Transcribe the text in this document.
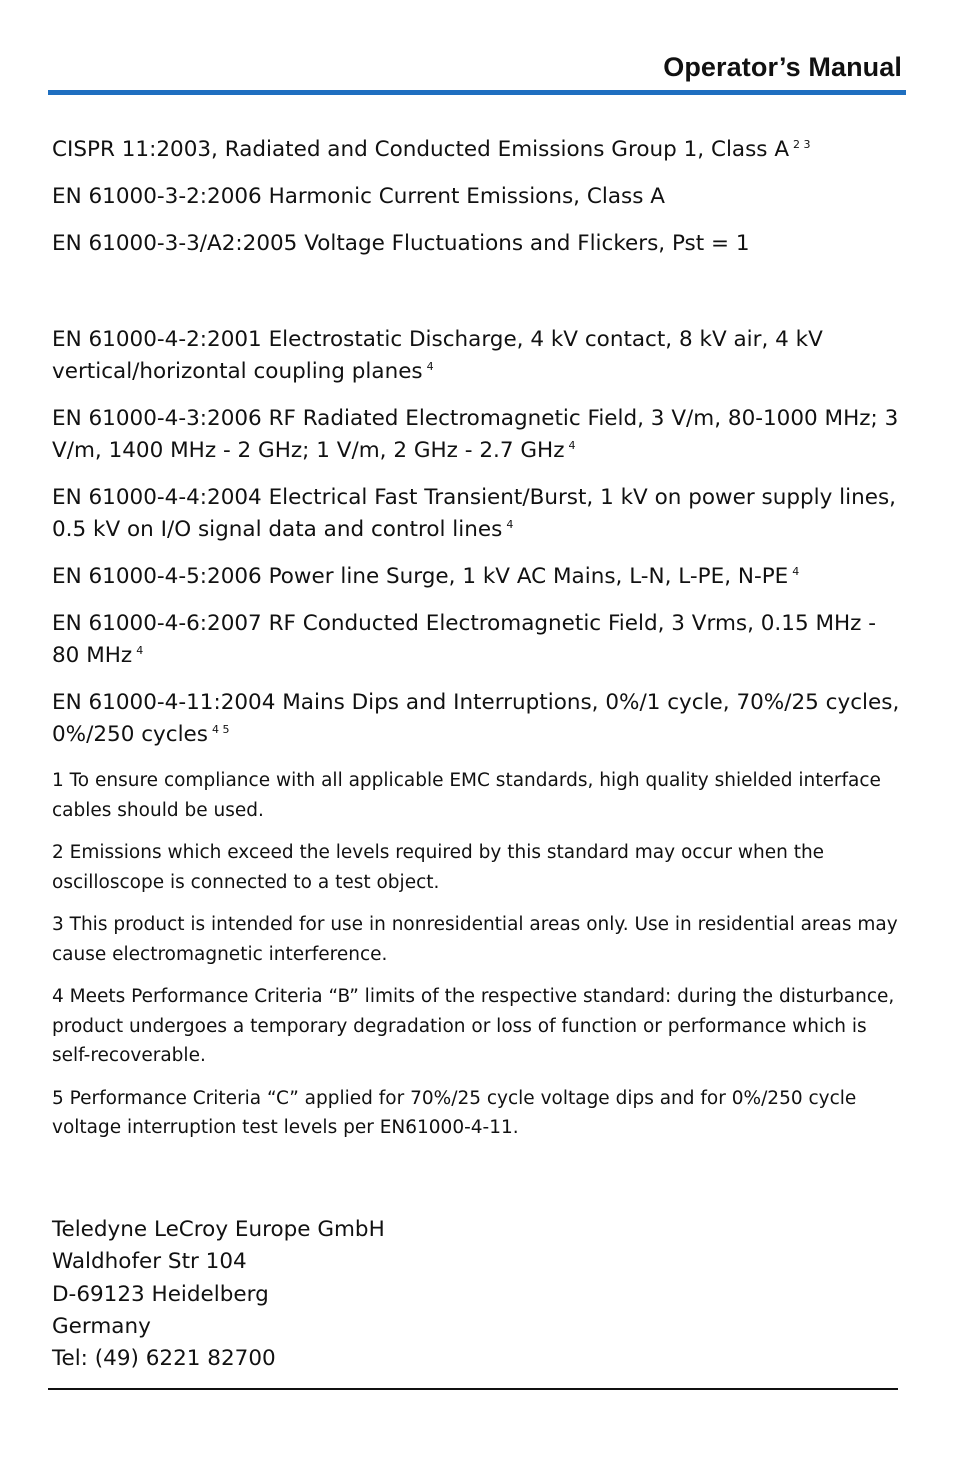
Operator’s Manual

CISPR 11:2003, Radiated and Conducted Emissions Group 1, Class A $^{2 3}$

EN 61000-3-2:2006 Harmonic Current Emissions, Class A

EN 61000-3-3/A2:2005 Voltage Fluctuations and Flickers, Pst = 1

EN 61000-4-2:2001 Electrostatic Discharge, 4 kV contact, 8 kV air, 4 kV vertical/horizontal coupling planes $^4$

EN 61000-4-3:2006 RF Radiated Electromagnetic Field, 3 V/m, 80-1000 MHz; 3 V/m, 1400 MHz - 2 GHz; 1 V/m, 2 GHz - 2.7 GHz $^4$

EN 61000-4-4:2004 Electrical Fast Transient/Burst, 1 kV on power supply lines, 0.5 kV on I/O signal data and control lines $^4$

EN 61000-4-5:2006 Power line Surge, 1 kV AC Mains, L-N, L-PE, N-PE $^4$

EN 61000-4-6:2007 RF Conducted Electromagnetic Field, 3 Vrms, 0.15 MHz - 80 MHz $^4$

EN 61000-4-11:2004 Mains Dips and Interruptions, 0%/1 cycle, 70%/25 cycles, 0%/250 cycles $^{4 5}$

1 To ensure compliance with all applicable EMC standards, high quality shielded interface cables should be used.

2 Emissions which exceed the levels required by this standard may occur when the oscilloscope is connected to a test object.

3 This product is intended for use in nonresidential areas only. Use in residential areas may cause electromagnetic interference.

4 Meets Performance Criteria “B” limits of the respective standard: during the disturbance, product undergoes a temporary degradation or loss of function or performance which is self-recoverable.

5 Performance Criteria “C” applied for 70%/25 cycle voltage dips and for 0%/250 cycle voltage interruption test levels per EN61000-4-11.

Teledyne LeCroy Europe GmbH
Waldhofer Str 104
D-69123 Heidelberg
Germany
Tel: (49) 6221 82700
